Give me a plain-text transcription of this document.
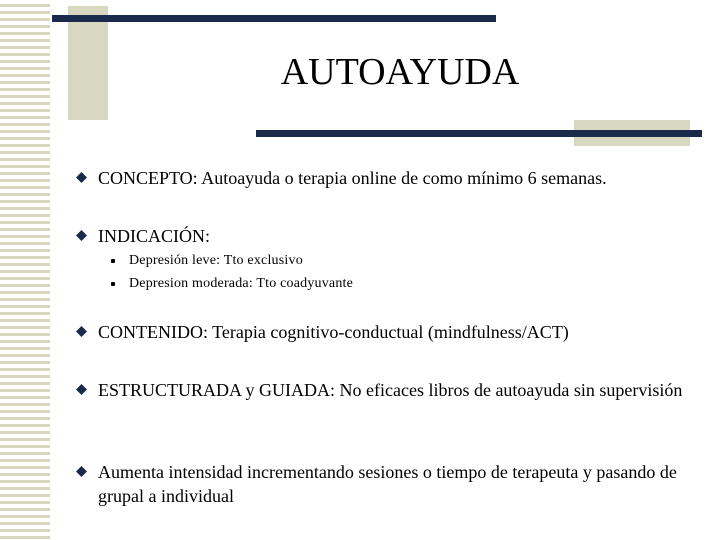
AUTOAYUDA
CONCEPTO: Autoayuda o terapia online de como mínimo 6 semanas.
INDICACIÓN:
Depresión leve: Tto exclusivo
Depresion moderada: Tto coadyuvante
CONTENIDO: Terapia cognitivo-conductual (mindfulness/ACT)
ESTRUCTURADA y GUIADA: No eficaces libros de autoayuda sin supervisión
Aumenta intensidad incrementando sesiones o tiempo de terapeuta y pasando de grupal a individual
